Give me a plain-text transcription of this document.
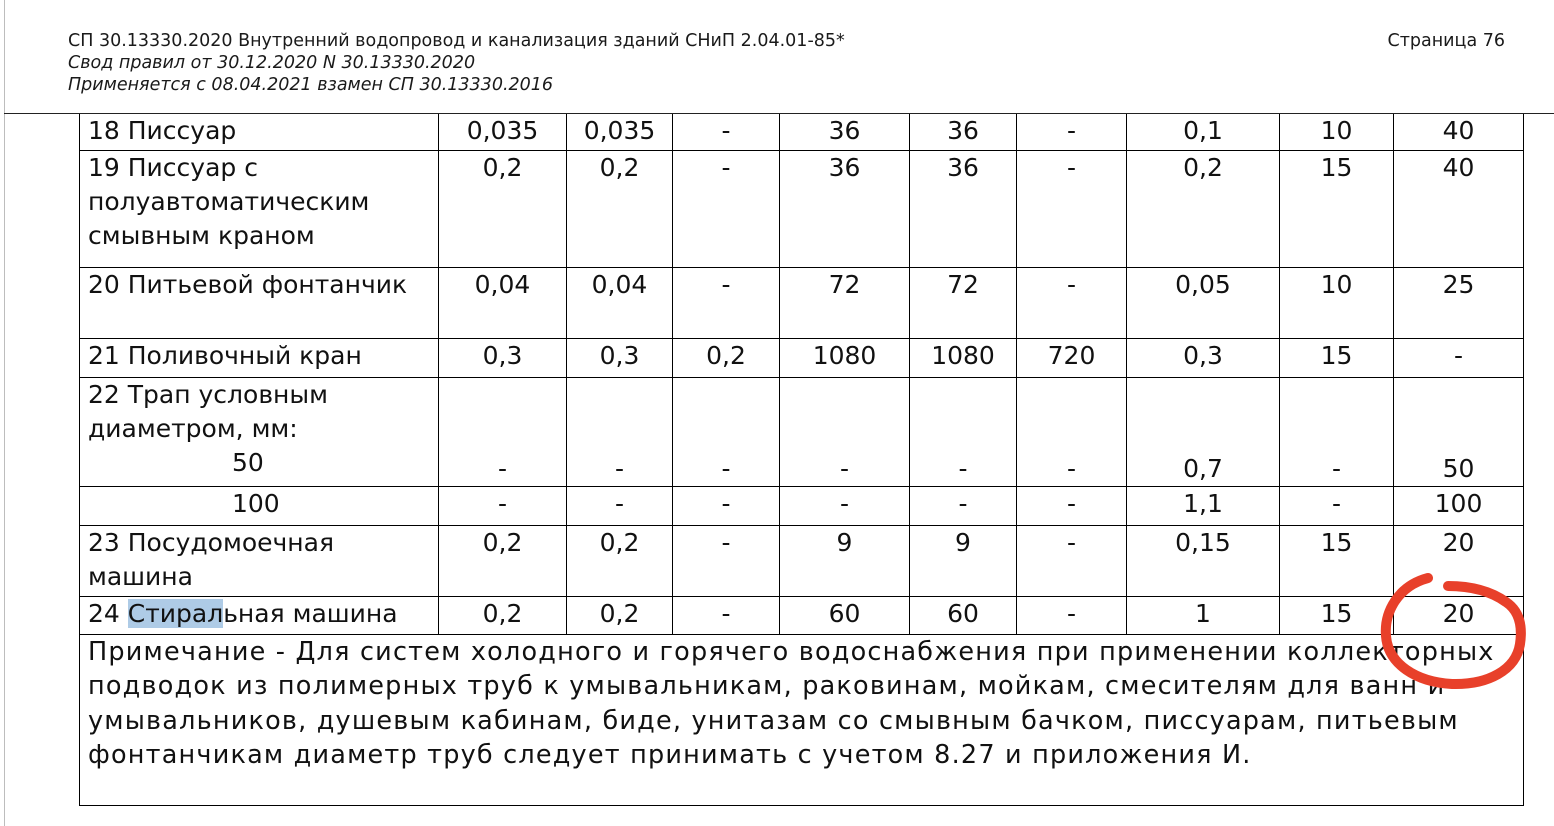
СП 30.13330.2020 Внутренний водопровод и канализация зданий СНиП 2.04.01-85*
Свод правил от 30.12.2020 N 30.13330.2020
Применяется с 08.04.2021 взамен СП 30.13330.2016
Страница 76
18 Писсуар	0,035	0,035	-	36	36	-	0,1	10	40
19 Писсуар с полуавтоматическим смывным краном	0,2	0,2	-	36	36	-	0,2	15	40
20 Питьевой фонтанчик	0,04	0,04	-	72	72	-	0,05	10	25
21 Поливочный кран	0,3	0,3	0,2	1080	1080	720	0,3	15	-

22 Трап условным диаметром, мм:
50	-	-	-	-	-	-	0,7	-	50

100	-	-	-	-	-	-	1,1	-	100
23 Посудомоечная машина	0,2	0,2	-	9	9	-	0,15	15	20
24 Стиральная машина	0,2	0,2	-	60	60	-	1	15	20
Примечание - Для систем холодного и горячего водоснабжения при применении коллекторных
подводок из полимерных труб к умывальникам, раковинам, мойкам, смесителям для ванн и
умывальников, душевым кабинам, биде, унитазам со смывным бачком, писсуарам, питьевым
фонтанчикам диаметр труб следует принимать с учетом 8.27 и приложения И.									
